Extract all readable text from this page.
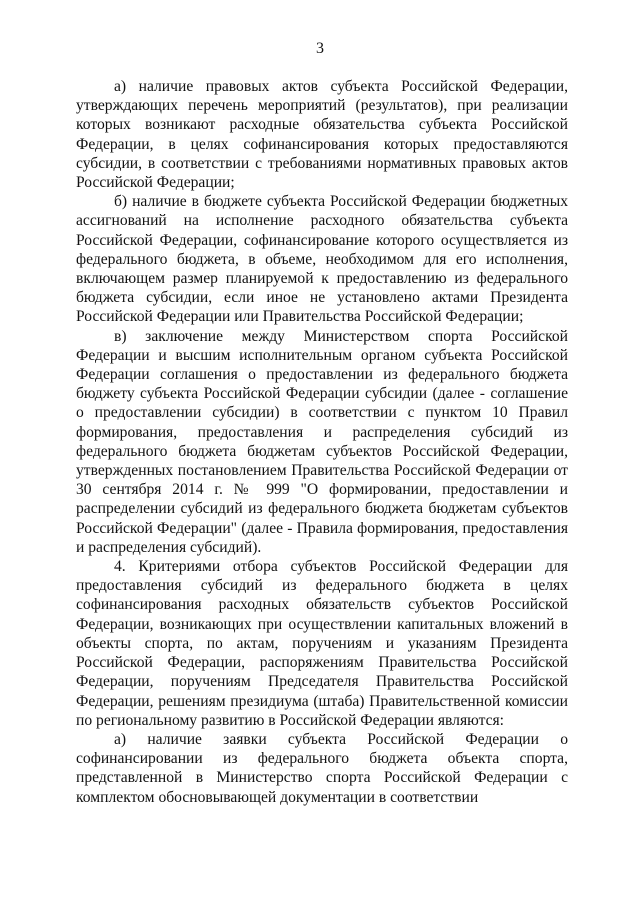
3

а) наличие правовых актов субъекта Российской Федерации, утверждающих перечень мероприятий (результатов), при реализации которых возникают расходные обязательства субъекта Российской Федерации, в целях софинансирования которых предоставляются субсидии, в соответствии с требованиями нормативных правовых актов Российской Федерации;

б) наличие в бюджете субъекта Российской Федерации бюджетных ассигнований на исполнение расходного обязательства субъекта Российской Федерации, софинансирование которого осуществляется из федерального бюджета, в объеме, необходимом для его исполнения, включающем размер планируемой к предоставлению из федерального бюджета субсидии, если иное не установлено актами Президента Российской Федерации или Правительства Российской Федерации;

в) заключение между Министерством спорта Российской Федерации и высшим исполнительным органом субъекта Российской Федерации соглашения о предоставлении из федерального бюджета бюджету субъекта Российской Федерации субсидии (далее - соглашение о предоставлении субсидии) в соответствии с пунктом 10 Правил формирования, предоставления и распределения субсидий из федерального бюджета бюджетам субъектов Российской Федерации, утвержденных постановлением Правительства Российской Федерации от 30 сентября 2014 г. № 999 "О формировании, предоставлении и распределении субсидий из федерального бюджета бюджетам субъектов Российской Федерации" (далее - Правила формирования, предоставления и распределения субсидий).

4. Критериями отбора субъектов Российской Федерации для предоставления субсидий из федерального бюджета в целях софинансирования расходных обязательств субъектов Российской Федерации, возникающих при осуществлении капитальных вложений в объекты спорта, по актам, поручениям и указаниям Президента Российской Федерации, распоряжениям Правительства Российской Федерации, поручениям Председателя Правительства Российской Федерации, решениям президиума (штаба) Правительственной комиссии по региональному развитию в Российской Федерации являются:

а) наличие заявки субъекта Российской Федерации о софинансировании из федерального бюджета объекта спорта, представленной в Министерство спорта Российской Федерации с комплектом обосновывающей документации в соответствии
